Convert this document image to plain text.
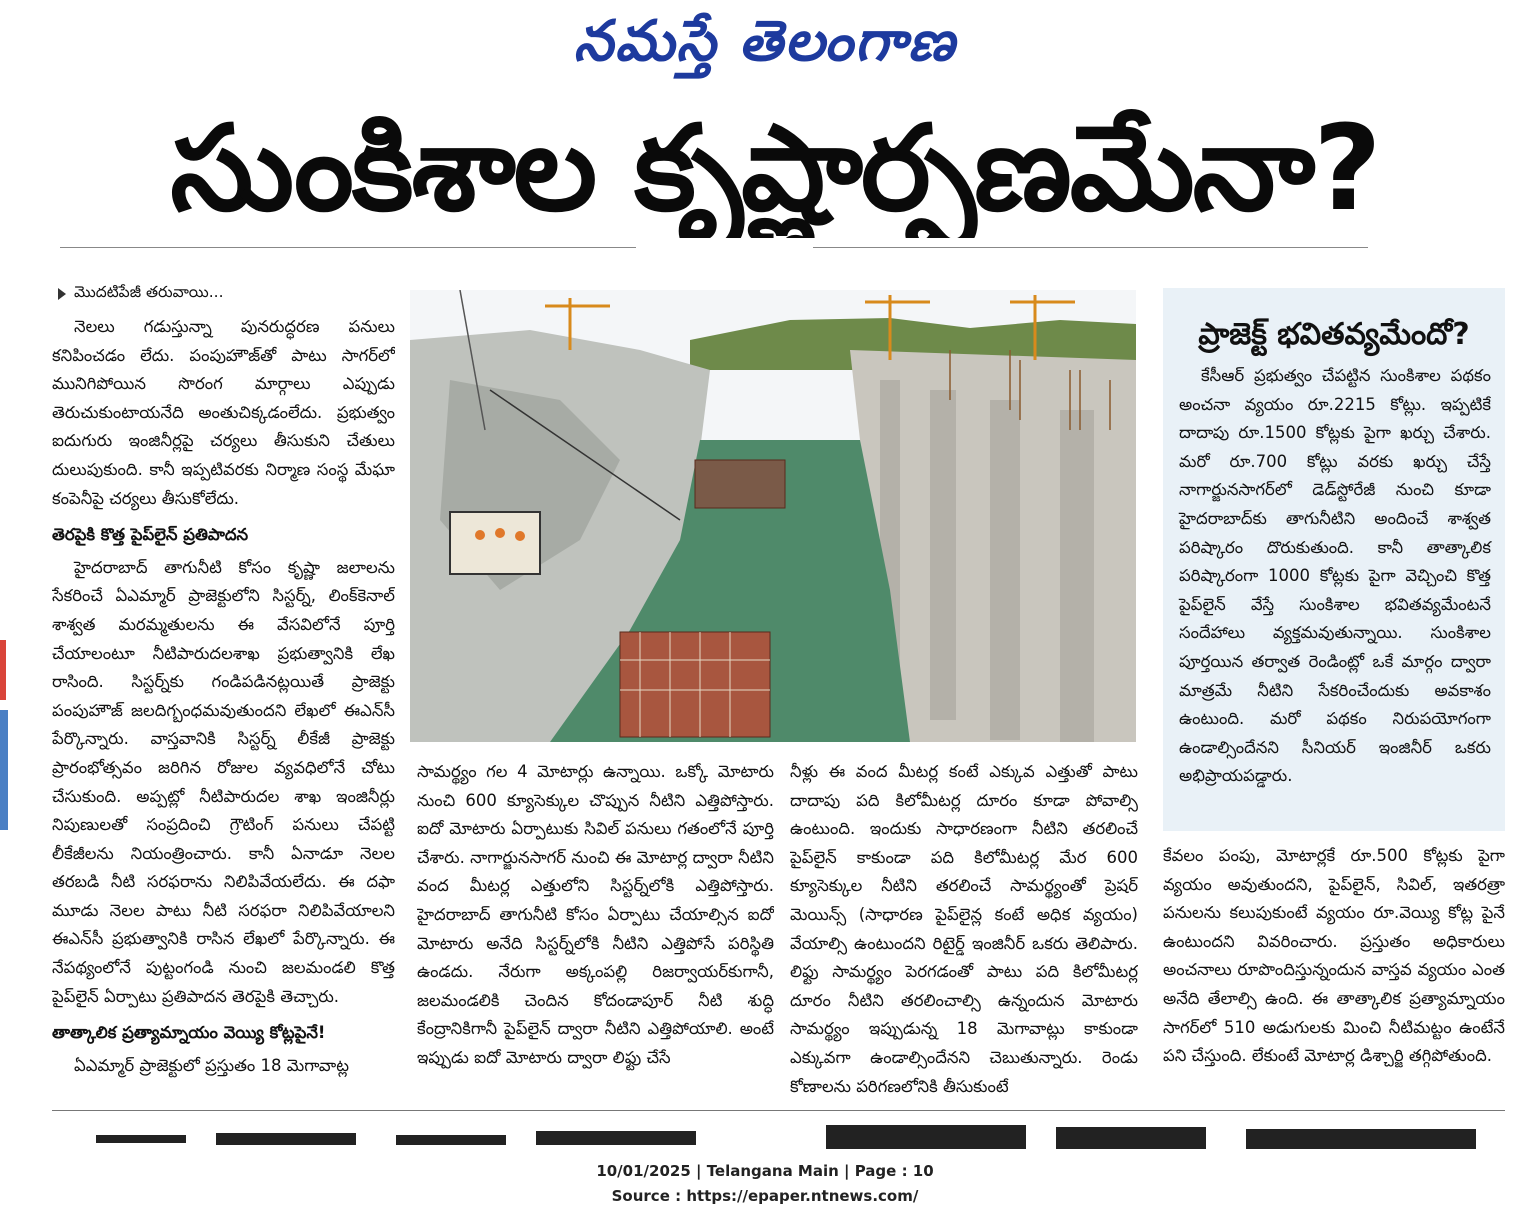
నమస్తే తెలంగాణ
సుంకిశాల కృష్ణార్పణమేనా?
మొదటిపేజీ తరువాయి...

నెలలు గడుస్తున్నా పునరుద్ధరణ పనులు కనిపించడం లేదు. పంపుహౌజ్‌తో పాటు సాగర్‌లో మునిగిపోయిన సొరంగ మార్గాలు ఎప్పుడు తెరుచుకుంటాయనేది అంతుచిక్కడంలేదు. ప్రభుత్వం ఐదుగురు ఇంజినీర్లపై చర్యలు తీసుకుని చేతులు దులుపుకుంది. కానీ ఇప్పటివరకు నిర్మాణ సంస్థ మేఘా కంపెనీపై చర్యలు తీసుకోలేదు.

తెరపైకి కొత్త పైప్‌లైన్ ప్రతిపాదన

హైదరాబాద్ తాగునీటి కోసం కృష్ణా జలాలను సేకరించే ఏఎమ్మార్ ప్రాజెక్టులోని సిస్టర్న్, లింక్‌కెనాల్ శాశ్వత మరమ్మతులను ఈ వేసవిలోనే పూర్తి చేయాలంటూ నీటిపారుదలశాఖ ప్రభుత్వానికి లేఖ రాసింది. సిస్టర్న్‌కు గండిపడినట్లయితే ప్రాజెక్టు పంపుహౌజ్ జలదిగ్బంధమవుతుందని లేఖలో ఈఎన్‌సీ పేర్కొన్నారు. వాస్తవానికి సిస్టర్న్ లీకేజీ ప్రాజెక్టు ప్రారంభోత్సవం జరిగిన రోజుల వ్యవధిలోనే చోటు చేసుకుంది. అప్పట్లో నీటిపారుదల శాఖ ఇంజినీర్లు నిపుణులతో సంప్రదించి గ్రౌటింగ్ పనులు చేపట్టి లీకేజీలను నియంత్రించారు. కానీ ఏనాడూ నెలల తరబడి నీటి సరఫరాను నిలిపివేయలేదు. ఈ దఫా మూడు నెలల పాటు నీటి సరఫరా నిలిపివేయాలని ఈఎన్‌సీ ప్రభుత్వానికి రాసిన లేఖలో పేర్కొన్నారు. ఈ నేపథ్యంలోనే పుట్టంగండి నుంచి జలమండలి కొత్త పైప్‌లైన్ ఏర్పాటు ప్రతిపాదన తెరపైకి తెచ్చారు.

తాత్కాలిక ప్రత్యామ్నాయం వెయ్యి కోట్లపైనే!

ఏఎమ్మార్ ప్రాజెక్టులో ప్రస్తుతం 18 మెగావాట్ల

సామర్థ్యం గల 4 మోటార్లు ఉన్నాయి. ఒక్కో మోటారు నుంచి 600 క్యూసెక్కుల చొప్పున నీటిని ఎత్తిపోస్తారు. ఐదో మోటారు ఏర్పాటుకు సివిల్ పనులు గతంలోనే పూర్తి చేశారు. నాగార్జునసాగర్ నుంచి ఈ మోటార్ల ద్వారా నీటిని వంద మీటర్ల ఎత్తులోని సిస్టర్న్‌లోకి ఎత్తిపోస్తారు. హైదరాబాద్ తాగునీటి కోసం ఏర్పాటు చేయాల్సిన ఐదో మోటారు అనేది సిస్టర్న్‌లోకి నీటిని ఎత్తిపోసే పరిస్థితి ఉండదు. నేరుగా అక్కంపల్లి రిజర్వాయర్‌కుగానీ, జలమండలికి చెందిన కోదండాపూర్ నీటి శుద్ధి కేంద్రానికిగానీ పైప్‌లైన్ ద్వారా నీటిని ఎత్తిపోయాలి. అంటే ఇప్పుడు ఐదో మోటారు ద్వారా లిఫ్టు చేసే

నీళ్లు ఈ వంద మీటర్ల కంటే ఎక్కువ ఎత్తుతో పాటు దాదాపు పది కిలోమీటర్ల దూరం కూడా పోవాల్సి ఉంటుంది. ఇందుకు సాధారణంగా నీటిని తరలించే పైప్‌లైన్ కాకుండా పది కిలోమీటర్ల మేర 600 క్యూసెక్కుల నీటిని తరలించే సామర్థ్యంతో ప్రెషర్ మెయిన్స్ (సాధారణ పైప్‌లైన్ల కంటే అధిక వ్యయం) వేయాల్సి ఉంటుందని రిటైర్డ్ ఇంజినీర్ ఒకరు తెలిపారు. లిఫ్టు సామర్థ్యం పెరగడంతో పాటు పది కిలోమీటర్ల దూరం నీటిని తరలించాల్సి ఉన్నందున మోటారు సామర్థ్యం ఇప్పుడున్న 18 మెగావాట్లు కాకుండా ఎక్కువగా ఉండాల్సిందేనని చెబుతున్నారు. రెండు కోణాలను పరిగణలోనికి తీసుకుంటే

ప్రాజెక్ట్ భవితవ్యమేందో?

కేసీఆర్ ప్రభుత్వం చేపట్టిన సుంకిశాల పథకం అంచనా వ్యయం రూ.2215 కోట్లు. ఇప్పటికే దాదాపు రూ.1500 కోట్లకు పైగా ఖర్చు చేశారు. మరో రూ.700 కోట్లు వరకు ఖర్చు చేస్తే నాగార్జునసాగర్‌లో డెడ్‌స్టోరేజీ నుంచి కూడా హైదరాబాద్‌కు తాగునీటిని అందించే శాశ్వత పరిష్కారం దొరుకుతుంది. కానీ తాత్కాలిక పరిష్కారంగా 1000 కోట్లకు పైగా వెచ్చించి కొత్త పైప్‌లైన్ వేస్తే సుంకిశాల భవితవ్యమేంటనే సందేహాలు వ్యక్తమవుతున్నాయి. సుంకిశాల పూర్తయిన తర్వాత రెండింట్లో ఒకే మార్గం ద్వారా మాత్రమే నీటిని సేకరించేందుకు అవకాశం ఉంటుంది. మరో పథకం నిరుపయోగంగా ఉండాల్సిందేనని సీనియర్ ఇంజినీర్ ఒకరు అభిప్రాయపడ్డారు.

కేవలం పంపు, మోటార్లకే రూ.500 కోట్లకు పైగా వ్యయం అవుతుందని, పైప్‌లైన్, సివిల్, ఇతరత్రా పనులను కలుపుకుంటే వ్యయం రూ.వెయ్యి కోట్ల పైనే ఉంటుందని వివరించారు. ప్రస్తుతం అధికారులు అంచనాలు రూపొందిస్తున్నందున వాస్తవ వ్యయం ఎంత అనేది తేలాల్సి ఉంది. ఈ తాత్కాలిక ప్రత్యామ్నాయం సాగర్‌లో 510 అడుగులకు మించి నీటిమట్టం ఉంటేనే పని చేస్తుంది. లేకుంటే మోటార్ల డిశ్చార్జి తగ్గిపోతుంది.

10/01/2025 | Telangana Main | Page : 10
Source : https://epaper.ntnews.com/
